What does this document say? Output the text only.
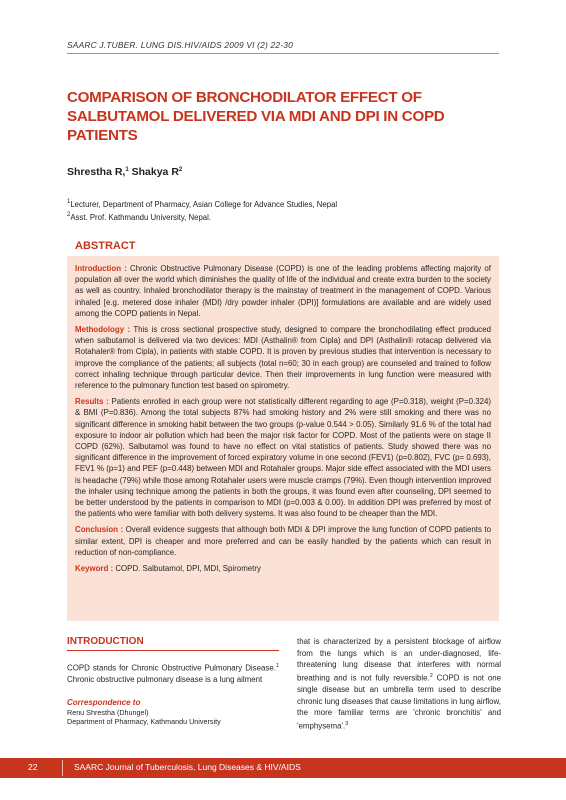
SAARC J.TUBER. LUNG DIS.HIV/AIDS 2009 VI (2) 22-30
COMPARISON OF BRONCHODILATOR EFFECT OF SALBUTAMOL DELIVERED VIA MDI AND DPI IN COPD PATIENTS
Shrestha R,$^1$ Shakya $R^2$
$^1$Lecturer, Department of Pharmacy, Asian College for Advance Studies, Nepal
$^2$Asst. Prof. Kathmandu University, Nepal.
ABSTRACT

Introduction : Chronic Obstructive Pulmonary Disease (COPD) is one of the leading problems affecting majority of population all over the world which diminishes the quality of life of the individual and create extra burden to the society as well as country. Inhaled bronchodilator therapy is the mainstay of treatment in the management of COPD. Various inhaled [e.g. metered dose inhaler (MDI) /dry powder inhaler (DPI)] formulations are available and are widely used among the COPD patients in Nepal.

Methodology : This is cross sectional prospective study, designed to compare the bronchodilating effect produced when salbutamol is delivered via two devices: MDI (Asthalin® from Cipla) and DPI (Asthalin® rotacap delivered via Rotahaler® from Cipla), in patients with stable COPD. It is proven by previous studies that intervention is necessary to improve the compliance of the patients; all subjects (total n=60; 30 in each group) are counseled and trained to follow correct inhaling technique through particular device. Then their improvements in lung function were measured with reference to the pulmonary function test based on spirometry.

Results : Patients enrolled in each group were not statistically different regarding to age (P=0.318), weight (P=0.324) & BMI (P=0.836). Among the total subjects 87% had smoking history and 2% were still smoking and there was no significant difference in smoking habit between the two groups (p-value 0.544 > 0.05). Similarly 91.6 % of the total had exposure to indoor air pollution which had been the major risk factor for COPD. Most of the patients were on stage II COPD (62%). Salbutamol was found to have no effect on vital statistics of patients. Study showed there was no significant difference in the improvement of forced expiratory volume in one second (FEV1) (p=0.802), FVC (p= 0.693), FEV1 % (p=1) and PEF (p=0.448) between MDI and Rotahaler groups. Major side effect associated with the MDI users is headache (79%) while those among Rotahaler users were muscle cramps (79%). Even though intervention improved the inhaler using technique among the patients in both the groups, it was found even after counseling, DPI seemed to be better understood by the patients in comparison to MDI (p=0.003 & 0.00). In addition DPI was preferred by most of the patients who were familiar with both delivery systems. It was also found to be cheaper than the MDI.

Conclusion : Overall evidence suggests that although both MDI & DPI improve the lung function of COPD patients to similar extent, DPI is cheaper and more preferred and can be easily handled by the patients which can result in reduction of non-compliance.

Keyword : COPD. Salbutamol, DPI, MDI, Spirometry

INTRODUCTION

COPD stands for Chronic Obstructive Pulmonary Disease.$^1$ Chronic obstructive pulmonary disease is a lung ailment

Correspondence to

Renu Shrestha (Dhungel)

Department of Pharmacy, Kathmandu University

that is characterized by a persistent blockage of airflow from the lungs which is an under-diagnosed, life-threatening lung disease that interferes with normal breathing and is not fully reversible.$^2$ COPD is not one single disease but an umbrella term used to describe chronic lung diseases that cause limitations in lung airflow, the more familiar terms are 'chronic bronchitis' and 'emphysema'.$^3$

22	SAARC Journal of Tuberculosis, Lung Diseases & HIV/AIDS
